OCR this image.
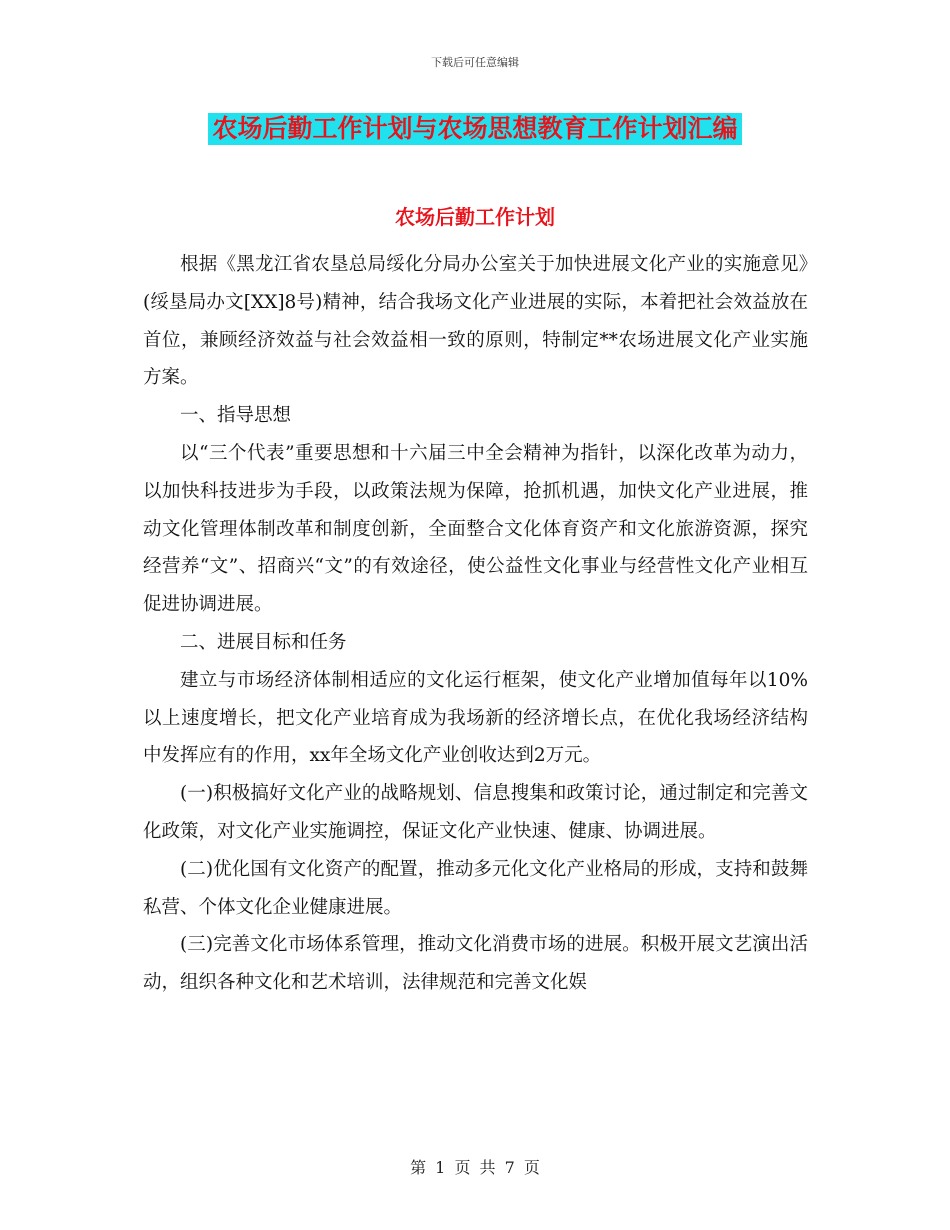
下载后可任意编辑
农场后勤工作计划与农场思想教育工作计划汇编
农场后勤工作计划

根据《黑龙江省农垦总局绥化分局办公室关于加快进展文化产业的实施意见》(绥垦局办文[XX]8号)精神，结合我场文化产业进展的实际，本着把社会效益放在首位，兼顾经济效益与社会效益相一致的原则，特制定**农场进展文化产业实施方案。

一、指导思想

以“三个代表”重要思想和十六届三中全会精神为指针，以深化改革为动力，以加快科技进步为手段，以政策法规为保障，抢抓机遇，加快文化产业进展，推动文化管理体制改革和制度创新，全面整合文化体育资产和文化旅游资源，探究经营养“文”、招商兴“文”的有效途径，使公益性文化事业与经营性文化产业相互促进协调进展。

二、进展目标和任务

建立与市场经济体制相适应的文化运行框架，使文化产业增加值每年以10%以上速度增长，把文化产业培育成为我场新的经济增长点，在优化我场经济结构中发挥应有的作用，xx年全场文化产业创收达到2万元。

(一)积极搞好文化产业的战略规划、信息搜集和政策讨论，通过制定和完善文化政策，对文化产业实施调控，保证文化产业快速、健康、协调进展。

(二)优化国有文化资产的配置，推动多元化文化产业格局的形成，支持和鼓舞私营、个体文化企业健康进展。

(三)完善文化市场体系管理，推动文化消费市场的进展。积极开展文艺演出活动，组织各种文化和艺术培训，法律规范和完善文化娱

第 1 页 共 7 页
